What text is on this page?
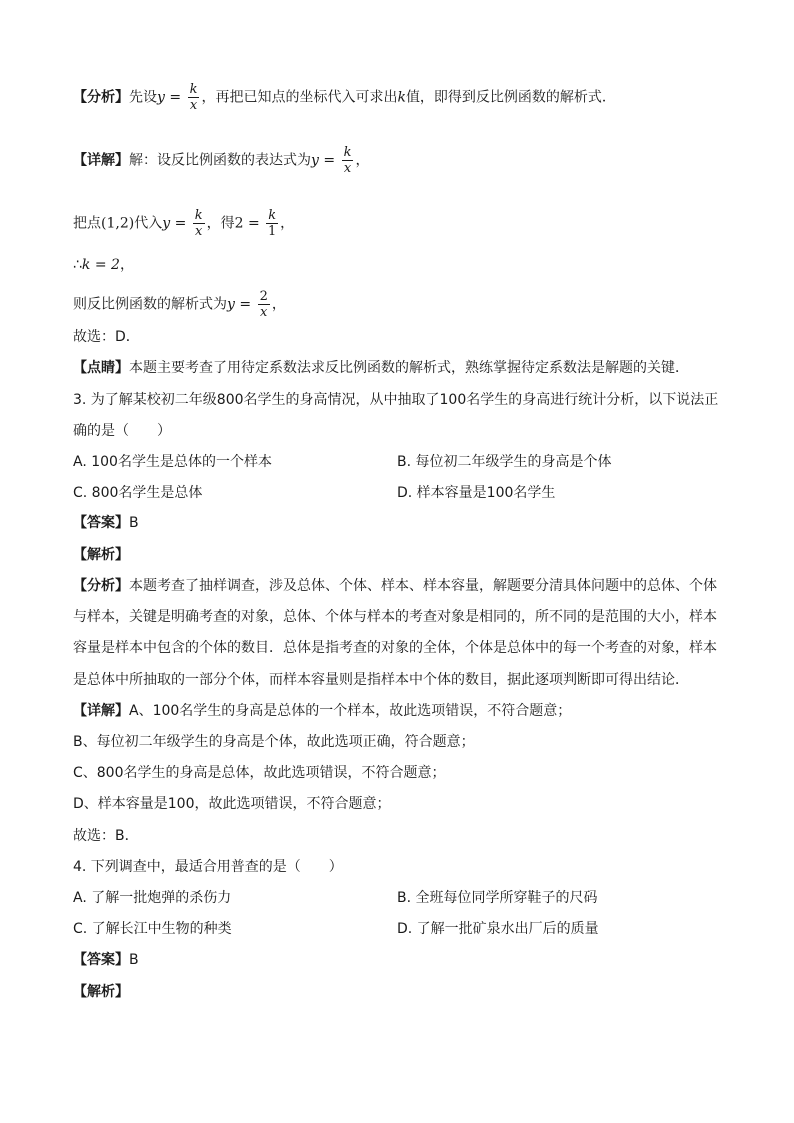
【分析】先设$y = \frac{k}{x}$ ，再把已知点的坐标代入可求出k值，即得到反比例函数的解析式．
【详解】解：设反比例函数的表达式为$y = \frac{k}{x}$ ，
把点(1,2)代入$y = \frac{k}{x}$ ，得$2 = \frac{k}{1}$ ，
∴k = 2，
则反比例函数的解析式为$y = \frac{2}{x}$ ，
故选：D．
【点睛】本题主要考查了用待定系数法求反比例函数的解析式，熟练掌握待定系数法是解题的关键．
3. 为了解某校初二年级800名学生的身高情况，从中抽取了100名学生的身高进行统计分析，以下说法正
确的是（　　）
A. 100名学生是总体的一个样本	B. 每位初二年级学生的身高是个体
C. 800名学生是总体	D. 样本容量是100名学生
【答案】B
【解析】
【分析】本题考查了抽样调查，涉及总体、个体、样本、样本容量，解题要分清具体问题中的总体、个体
与样本，关键是明确考查的对象，总体、个体与样本的考查对象是相同的，所不同的是范围的大小，样本
容量是样本中包含的个体的数目．总体是指考查的对象的全体，个体是总体中的每一个考查的对象，样本
是总体中所抽取的一部分个体，而样本容量则是指样本中个体的数目，据此逐项判断即可得出结论．
【详解】A、100名学生的身高是总体的一个样本，故此选项错误，不符合题意；
B、每位初二年级学生的身高是个体，故此选项正确，符合题意；
C、800名学生的身高是总体，故此选项错误，不符合题意；
D、样本容量是100，故此选项错误，不符合题意；
故选：B．
4. 下列调查中，最适合用普查的是（　　）
A. 了解一批炮弹的杀伤力	B. 全班每位同学所穿鞋子的尺码
C. 了解长江中生物的种类	D. 了解一批矿泉水出厂后的质量
【答案】B
【解析】
